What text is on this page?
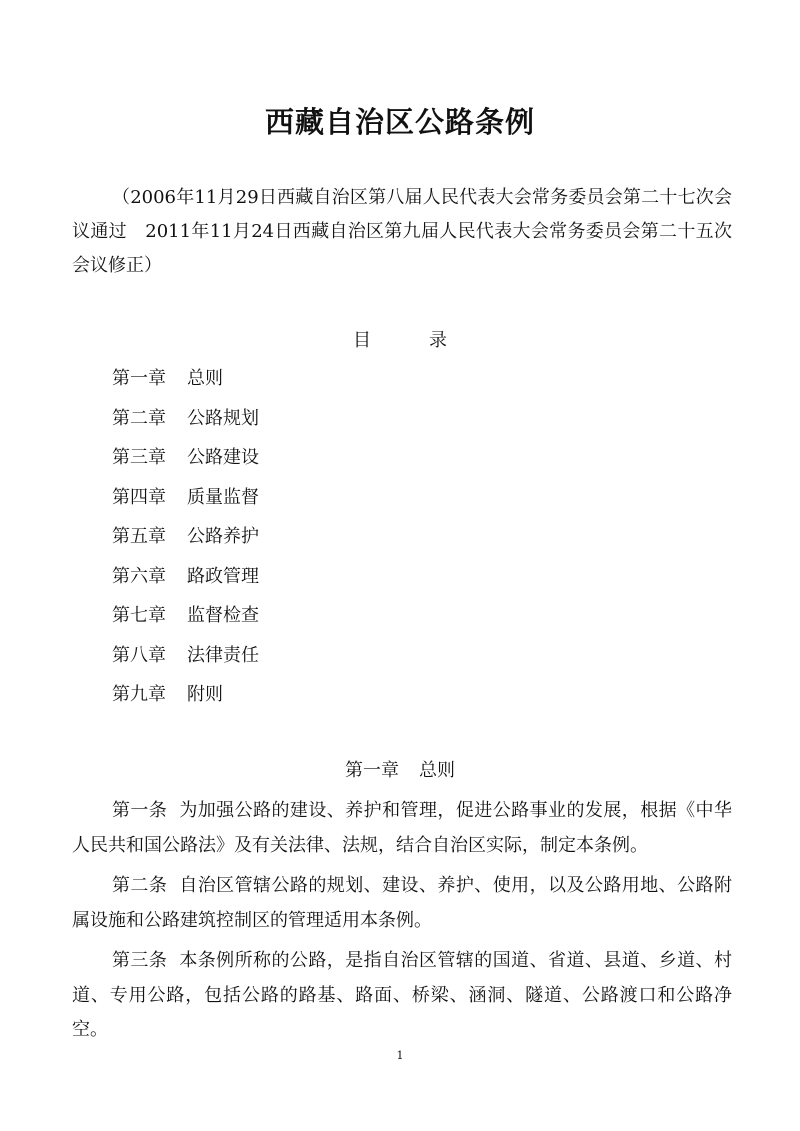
西藏自治区公路条例

（2006年11月29日西藏自治区第八届人民代表大会常务委员会第二十七次会议通过　2011年11月24日西藏自治区第九届人民代表大会常务委员会第二十五次会议修正）

目　录
第一章 总则
第二章 公路规划
第三章 公路建设
第四章 质量监督
第五章 公路养护
第六章 路政管理
第七章 监督检查
第八章 法律责任
第九章 附则
第一章 总则

第一条 为加强公路的建设、养护和管理，促进公路事业的发展，根据《中华人民共和国公路法》及有关法律、法规，结合自治区实际，制定本条例。

第二条 自治区管辖公路的规划、建设、养护、使用，以及公路用地、公路附属设施和公路建筑控制区的管理适用本条例。

第三条 本条例所称的公路，是指自治区管辖的国道、省道、县道、乡道、村道、专用公路，包括公路的路基、路面、桥梁、涵洞、隧道、公路渡口和公路净空。

1
